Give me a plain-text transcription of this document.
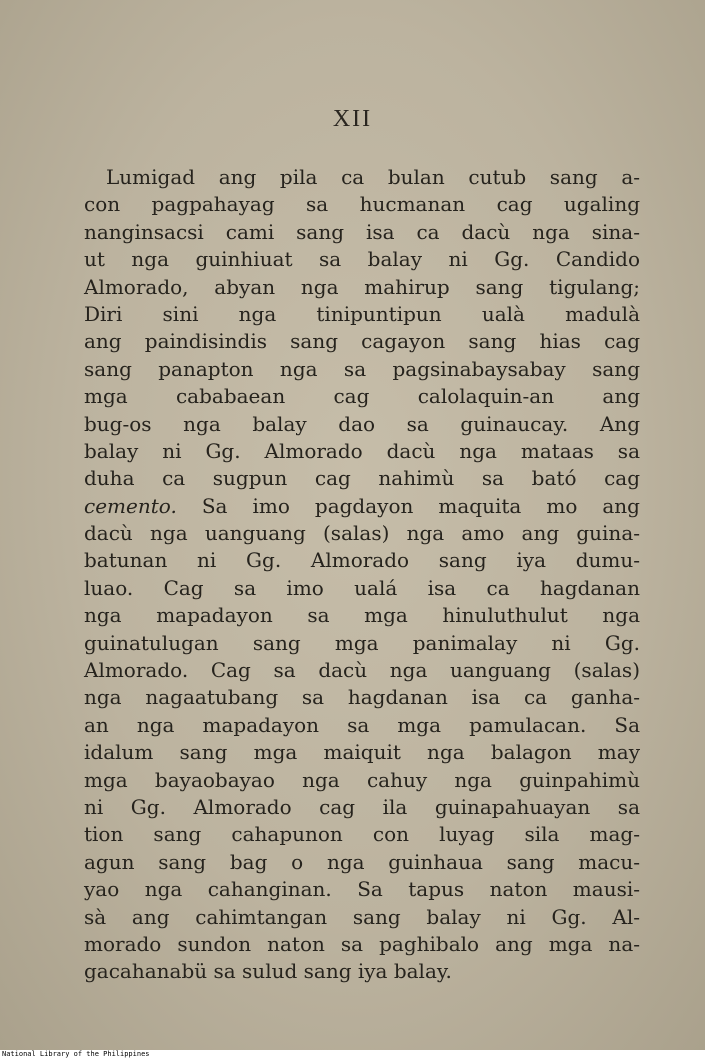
XII
Lumigad ang pila ca bulan cutub sang a-
con pagpahayag sa hucmanan cag ugaling
nanginsacsi cami sang isa ca dacù nga sina-
ut nga guinhiuat sa balay ni Gg. Candido
Almorado, abyan nga mahirup sang tigulang;
Diri sini nga tinipuntipun ualà madulà
ang paindisindis sang cagayon sang hias cag
sang panapton nga sa pagsinabaysabay sang
mga cababaean cag calolaquin-an ang
bug-os nga balay dao sa guinaucay. Ang
balay ni Gg. Almorado dacù nga mataas sa
duha ca sugpun cag nahimù sa bató cag
cemento. Sa imo pagdayon maquita mo ang
dacù nga uanguang (salas) nga amo ang guina-
batunan ni Gg. Almorado sang iya dumu-
luao. Cag sa imo ualá isa ca hagdanan
nga mapadayon sa mga hinuluthulut nga
guinatulugan sang mga panimalay ni Gg.
Almorado. Cag sa dacù nga uanguang (salas)
nga nagaatubang sa hagdanan isa ca ganha-
an nga mapadayon sa mga pamulacan. Sa
idalum sang mga maiquit nga balagon may
mga bayaobayao nga cahuy nga guinpahimù
ni Gg. Almorado cag ila guinapahuayan sa
tion sang cahapunon con luyag sila mag-
agun sang bag o nga guinhaua sang macu-
yao nga cahanginan. Sa tapus naton mausi-
sà ang cahimtangan sang balay ni Gg. Al-
morado sundon naton sa paghibalo ang mga na-
gacahanabü sa sulud sang iya balay.
National Library of the Philippines
